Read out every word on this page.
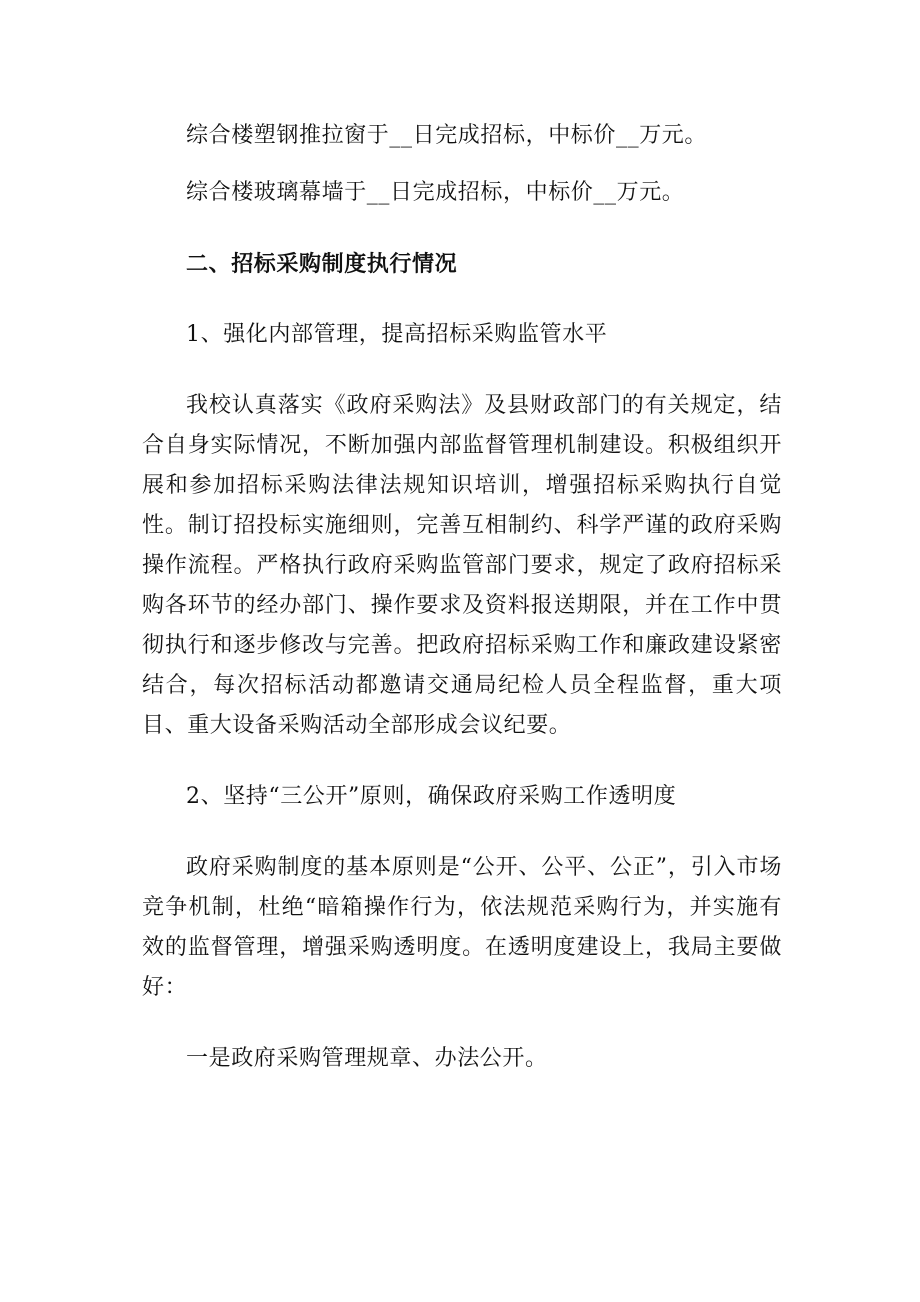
综合楼塑钢推拉窗于__日完成招标，中标价__万元。

综合楼玻璃幕墙于__日完成招标，中标价__万元。

二、招标采购制度执行情况

1、强化内部管理，提高招标采购监管水平

我校认真落实《政府采购法》及县财政部门的有关规定，结合自身实际情况，不断加强内部监督管理机制建设。积极组织开展和参加招标采购法律法规知识培训，增强招标采购执行自觉性。制订招投标实施细则，完善互相制约、科学严谨的政府采购操作流程。严格执行政府采购监管部门要求，规定了政府招标采购各环节的经办部门、操作要求及资料报送期限，并在工作中贯彻执行和逐步修改与完善。把政府招标采购工作和廉政建设紧密结合，每次招标活动都邀请交通局纪检人员全程监督，重大项目、重大设备采购活动全部形成会议纪要。

2、坚持“三公开”原则，确保政府采购工作透明度

政府采购制度的基本原则是“公开、公平、公正”，引入市场竞争机制，杜绝“暗箱操作行为，依法规范采购行为，并实施有效的监督管理，增强采购透明度。在透明度建设上，我局主要做好：

一是政府采购管理规章、办法公开。
